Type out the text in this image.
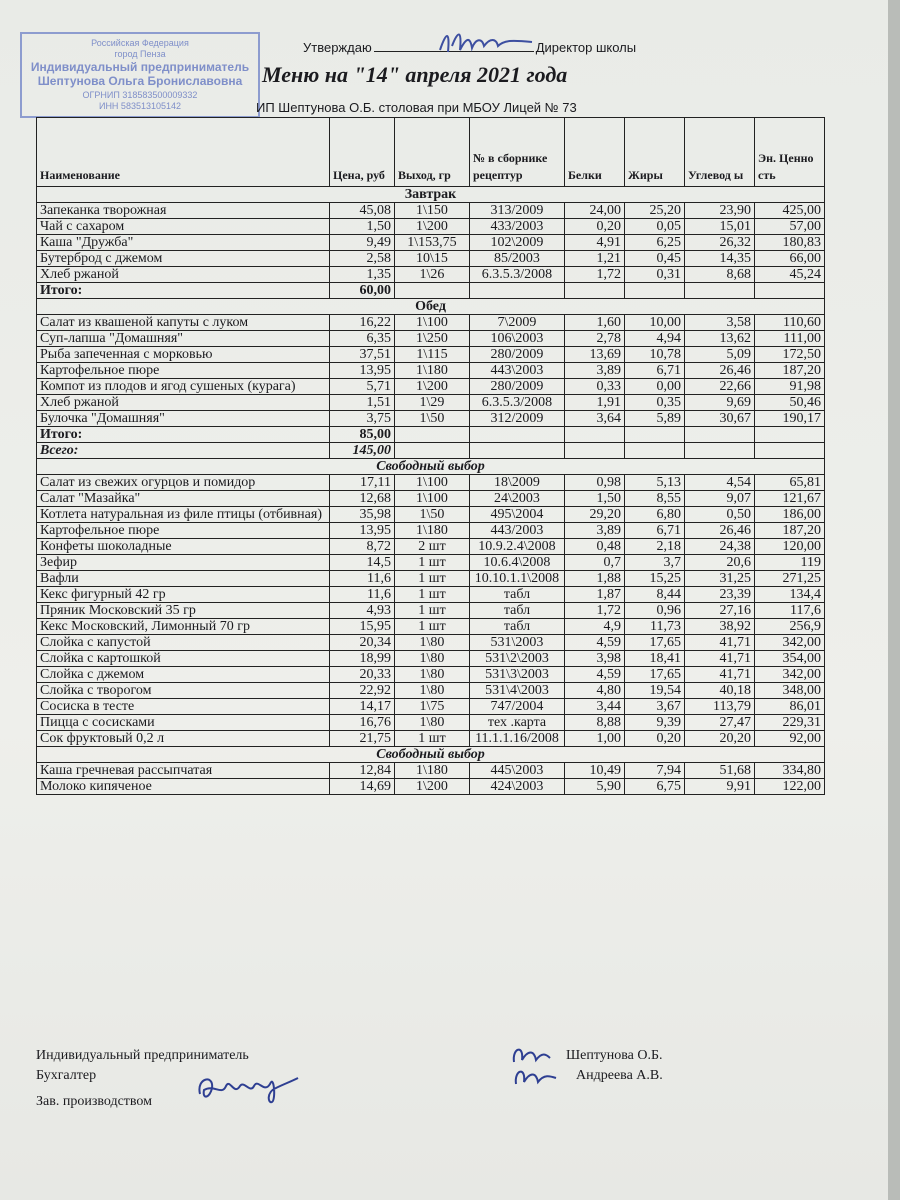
Российская Федерация
город Пенза
Индивидуальный предприниматель
Шептунова Ольга Брониславовна
ОГРНИП 318583500009332
ИНН 583513105142
Утверждаю	Директор школы
Меню на "14" апреля 2021 года
ИП Шептунова О.Б. столовая при МБОУ Лицей № 73
Наименование	Цена, руб	Выход, гр	№ в сборнике рецептур	Белки	Жиры	Углевод ы	Эн. Ценно сть
Завтрак							
Запеканка творожная	45,08	1\150	313/2009	24,00	25,20	23,90	425,00
Чай с сахаром	1,50	1\200	433/2003	0,20	0,05	15,01	57,00
Каша "Дружба"	9,49	1\153,75	102\2009	4,91	6,25	26,32	180,83
Бутерброд с джемом	2,58	10\15	85/2003	1,21	0,45	14,35	66,00
Хлеб ржаной	1,35	1\26	6.3.5.3/2008	1,72	0,31	8,68	45,24
Итого:	60,00						
Обед							
Салат из квашеной капуты с луком	16,22	1\100	7\2009	1,60	10,00	3,58	110,60
Суп-лапша "Домашняя"	6,35	1\250	106\2003	2,78	4,94	13,62	111,00
Рыба запеченная с морковью	37,51	1\115	280/2009	13,69	10,78	5,09	172,50
Картофельное пюре	13,95	1\180	443\2003	3,89	6,71	26,46	187,20
Компот из плодов и ягод сушеных (курага)	5,71	1\200	280/2009	0,33	0,00	22,66	91,98
Хлеб ржаной	1,51	1\29	6.3.5.3/2008	1,91	0,35	9,69	50,46
Булочка "Домашняя"	3,75	1\50	312/2009	3,64	5,89	30,67	190,17
Итого:	85,00						
Всего:	145,00						
Свободный выбор							
Салат из свежих огурцов и помидор	17,11	1\100	18\2009	0,98	5,13	4,54	65,81
Салат "Мазайка"	12,68	1\100	24\2003	1,50	8,55	9,07	121,67
Котлета натуральная из филе птицы (отбивная)	35,98	1\50	495\2004	29,20	6,80	0,50	186,00
Картофельное пюре	13,95	1\180	443/2003	3,89	6,71	26,46	187,20
Конфеты шоколадные	8,72	2 шт	10.9.2.4\2008	0,48	2,18	24,38	120,00
Зефир	14,5	1 шт	10.6.4\2008	0,7	3,7	20,6	119
Вафли	11,6	1 шт	10.10.1.1\2008	1,88	15,25	31,25	271,25
Кекс фигурный 42 гр	11,6	1 шт	табл	1,87	8,44	23,39	134,4
Пряник Московский 35 гр	4,93	1 шт	табл	1,72	0,96	27,16	117,6
Кекс Московский, Лимонный 70 гр	15,95	1 шт	табл	4,9	11,73	38,92	256,9
Слойка с капустой	20,34	1\80	531\2003	4,59	17,65	41,71	342,00
Слойка с картошкой	18,99	1\80	531\2\2003	3,98	18,41	41,71	354,00
Слойка с джемом	20,33	1\80	531\3\2003	4,59	17,65	41,71	342,00
Слойка с творогом	22,92	1\80	531\4\2003	4,80	19,54	40,18	348,00
Сосиска в тесте	14,17	1\75	747/2004	3,44	3,67	113,79	86,01
Пицца с сосисками	16,76	1\80	тех .карта	8,88	9,39	27,47	229,31
Сок фруктовый 0,2 л	21,75	1 шт	11.1.1.16/2008	1,00	0,20	20,20	92,00
Свободный выбор							
Каша гречневая рассыпчатая	12,84	1\180	445\2003	10,49	7,94	51,68	334,80
Молоко кипяченое	14,69	1\200	424\2003	5,90	6,75	9,91	122,00
Индивидуальный предприниматель
Бухгалтер
Зав. производством
Шептунова О.Б.
Андреева А.В.
